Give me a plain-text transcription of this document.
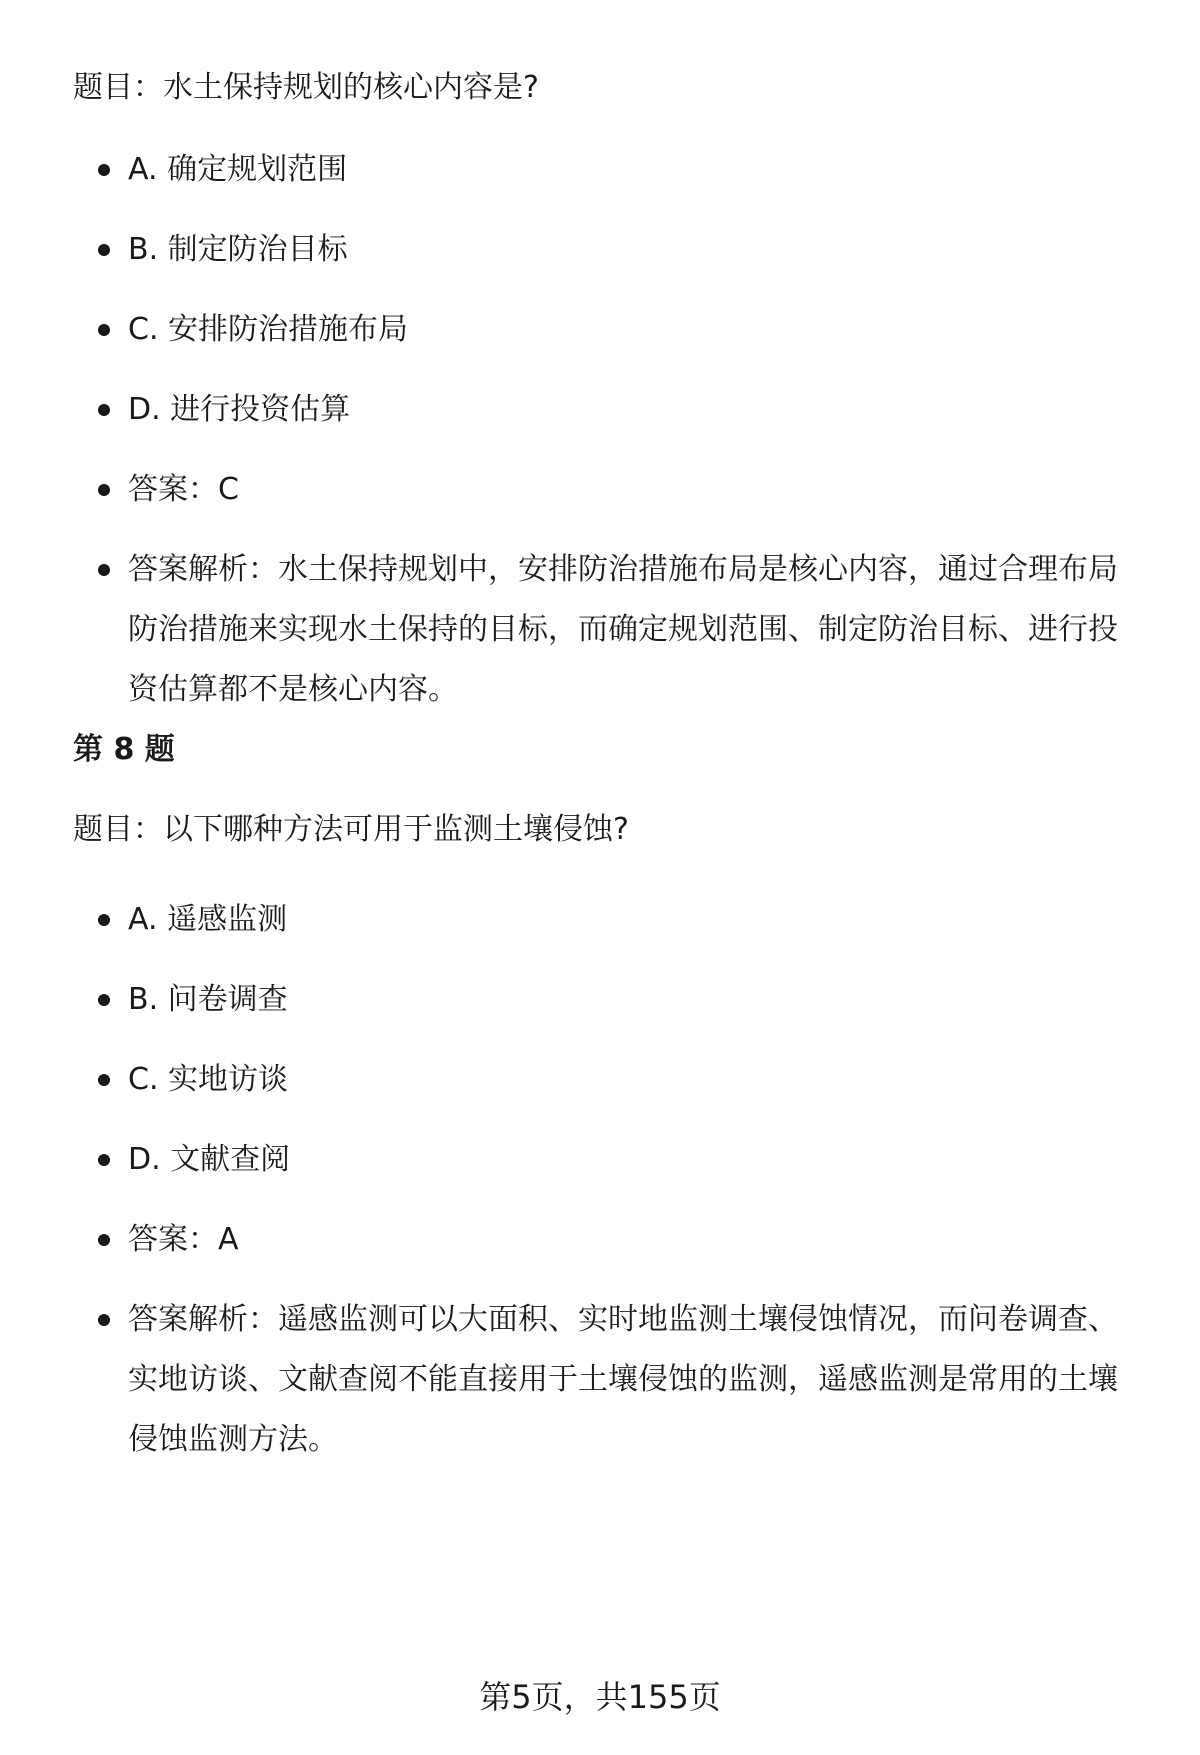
题目：水土保持规划的核心内容是?
A. 确定规划范围
B. 制定防治目标
C. 安排防治措施布局
D. 进行投资估算
答案：C
答案解析：水土保持规划中，安排防治措施布局是核心内容，通过合理布局防治措施来实现水土保持的目标，而确定规划范围、制定防治目标、进行投资估算都不是核心内容。
第 8 题
题目：以下哪种方法可用于监测土壤侵蚀?
A. 遥感监测
B. 问卷调查
C. 实地访谈
D. 文献查阅
答案：A
答案解析：遥感监测可以大面积、实时地监测土壤侵蚀情况，而问卷调查、实地访谈、文献查阅不能直接用于土壤侵蚀的监测，遥感监测是常用的土壤侵蚀监测方法。
第5页，共155页
